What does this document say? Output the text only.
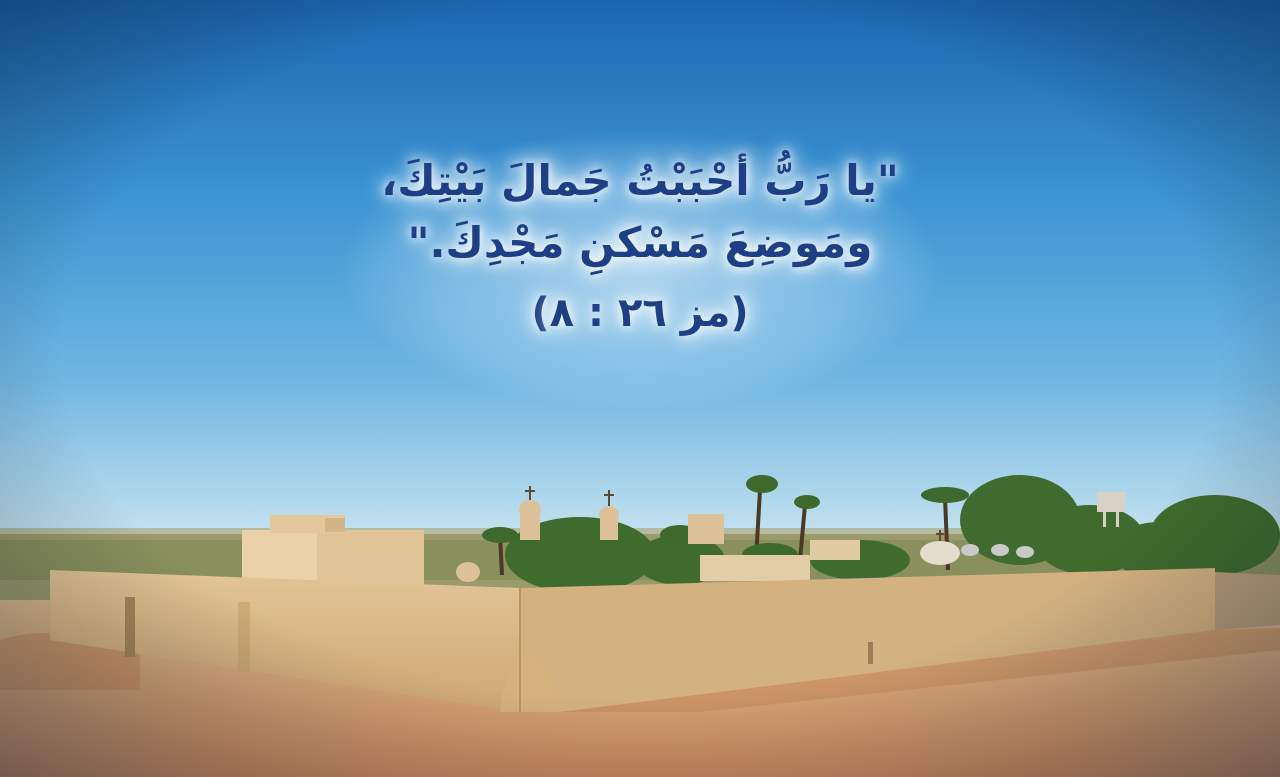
"يا رَبُّ أحْبَبْتُ جَمالَ بَيْتِكَ،
ومَوضِعَ مَسْكنِ مَجْدِكَ."
(مز ٢٦ : ٨)
